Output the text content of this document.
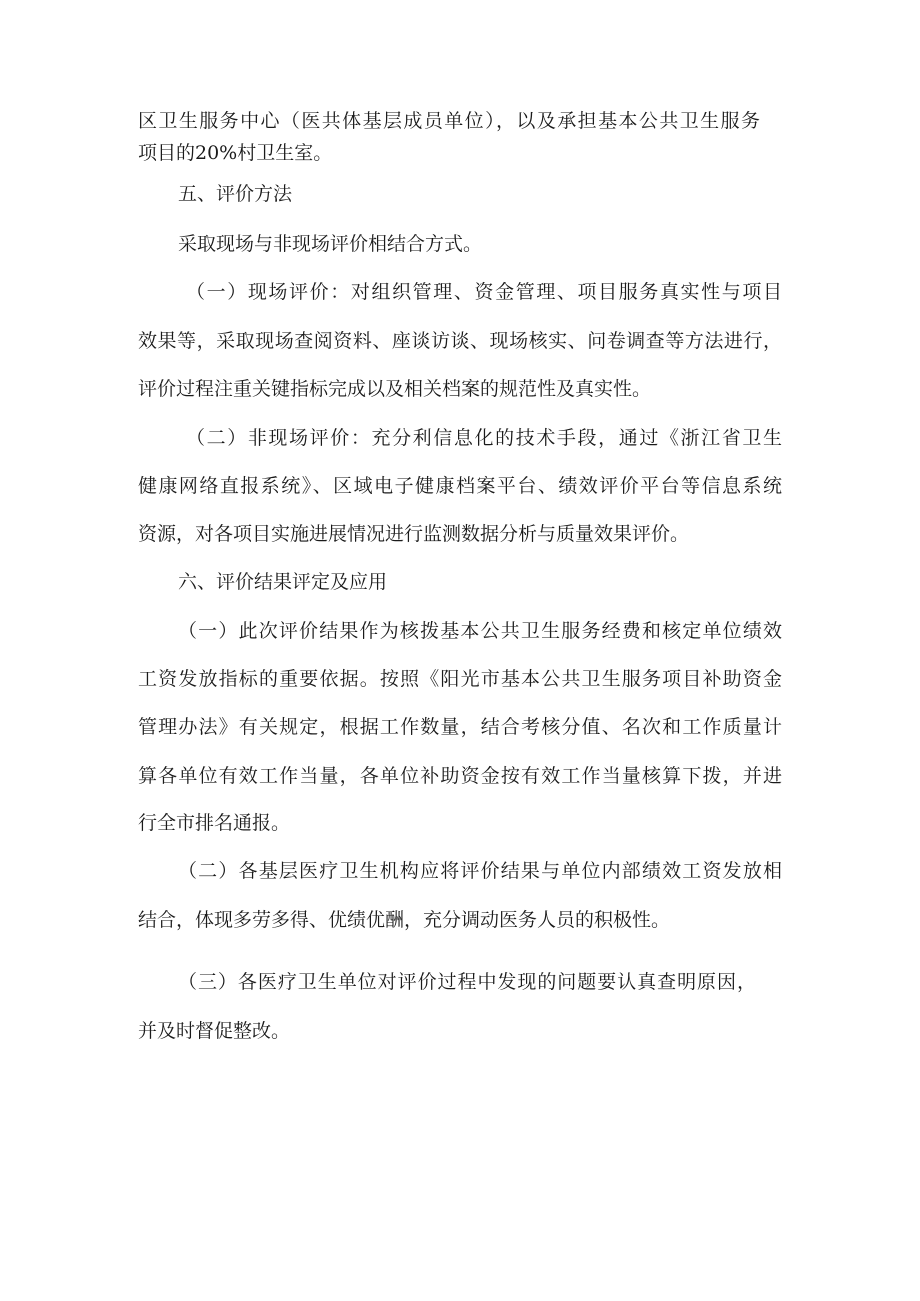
区卫生服务中心（医共体基层成员单位），以及承担基本公共卫生服务

项目的20%村卫生室。

五、评价方法

采取现场与非现场评价相结合方式。

（一）现场评价：对组织管理、资金管理、项目服务真实性与项目

效果等，采取现场查阅资料、座谈访谈、现场核实、问卷调查等方法进行，

评价过程注重关键指标完成以及相关档案的规范性及真实性。

（二）非现场评价：充分利信息化的技术手段，通过《浙江省卫生

健康网络直报系统》、区域电子健康档案平台、绩效评价平台等信息系统

资源，对各项目实施进展情况进行监测数据分析与质量效果评价。

六、评价结果评定及应用

（一）此次评价结果作为核拨基本公共卫生服务经费和核定单位绩效

工资发放指标的重要依据。按照《阳光市基本公共卫生服务项目补助资金

管理办法》有关规定，根据工作数量，结合考核分值、名次和工作质量计

算各单位有效工作当量，各单位补助资金按有效工作当量核算下拨，并进

行全市排名通报。

（二）各基层医疗卫生机构应将评价结果与单位内部绩效工资发放相

结合，体现多劳多得、优绩优酬，充分调动医务人员的积极性。

（三）各医疗卫生单位对评价过程中发现的问题要认真查明原因，

并及时督促整改。
